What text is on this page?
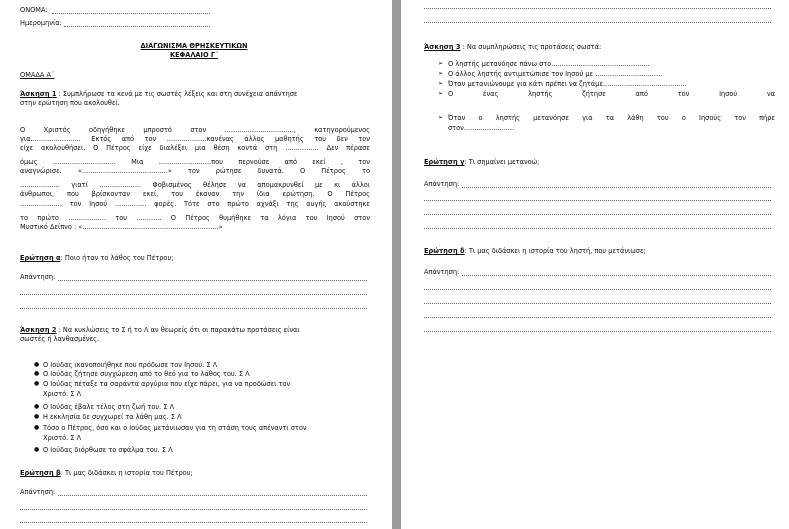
ΟΝΟΜΑ:
Ημερομηνία:
ΔΙΑΓΩΝΙΣΜΑ ΘΡΗΣΚΕΥΤΙΚΩΝ
ΚΕΦΑΛΑΙΟ Γ΄
ΟΜΑΔΑ Α΄
Άσκηση 1 : Συμπλήρωσε τα κενά με τις σωστές λέξεις και στη συνέχεια απάντησε
στην ερώτηση που ακολουθεί.
Ο Χριστός οδηγήθηκε μπροστό στον ................................., κατηγορούμενος
για........................ Εκτός από τον ...................κανένας άλλος μαθητής του δεν τον
είχε ακολουθήσει. Ο Πέτρος είχε διαλέξει μια θέση κοντά στη ................ Δεν πέρασε
όμως .............................. Μια .........................που περνούσε από εκεί , τον
αναγνώρισε. «.........................................» τον ρώτησε δυνατά. Ο Πέτρος το
................... γιατί .................... Φοβισμένος θέλησε να απομακρυνθεί με κι άλλοι
άνθρωποι, που βρίσκονταν εκεί, του έκαναν την ίδια ερώτηση. Ο Πέτρος
.................... τον Ιησού ............... φορές. Τότε στο πρώτο αχνάξι της αυγής ακούστηκε
το πρώτο .................. του ............ Ο Πέτρος θυμήθηκε τα λόγια του Ιησού στον
Μυστικό Δείπνο : «.................................................................»
Ερώτηση α: Ποιο ήταν το λάθος του Πέτρου;
Απάντηση:
Άσκηση 2 : Να κυκλώσεις το Σ ή το Λ αν θεωρείς ότι οι παρακάτω προτάσεις είναι
σωστές ή λανθασμένες.
● Ο Ιούδας ικανοποιήθηκε που πρόδωσε τον Ιησού. Σ Λ
● Ο Ιούδας ζήτησε συγχώρεση από το θεό για το λάθος του. Σ Λ
● Ο Ιούδας πέταξε τα σαράντα αργύρια που είχε πάρει, για να προδώσει τον
Χριστό. Σ Λ
● Ο Ιούδας έβαλε τέλος στη ζωή του. Σ Λ
● Η εκκλησία δε συγχωρεί τα λάθη μας. Σ Λ
● Τόσο ο Πέτρος, όσο και ο Ιούδας μετάνιωσαν για τη στάση τους απέναντι στον
Χριστό. Σ Λ
● Ο Ιούδας διόρθωσε το σφάλμα του. Σ Λ
Ερώτηση β: Τι μας διδάσκει η ιστορία του Πέτρου;
Απάντηση:
Άσκηση 3 : Να συμπληρώσεις τις προτάσεις σωστά:
➢ Ο ληστής μετανόησε πάνω στο...............................................
➢ Ο άλλος ληστής αντιμετώπισε τον Ιησού με ................................
➢ Όταν μετανιώνουμε για κάτι πρέπει να ζητάμε........................................
➢ Ο ένας ληστής ζήτησε από τον Ιησού να
➢ Όταν ο ληστής μετανόησε για τα λάθη του ο Ιησούς τον πήρε
στον........................
Ερώτηση γ: Τι σημαίνει μετανοώ;
Απάντηση:
Ερώτηση δ: Τι μας διδάσκει η ιστορία του ληστή, που μετάνιωσε;
Απάντηση:
